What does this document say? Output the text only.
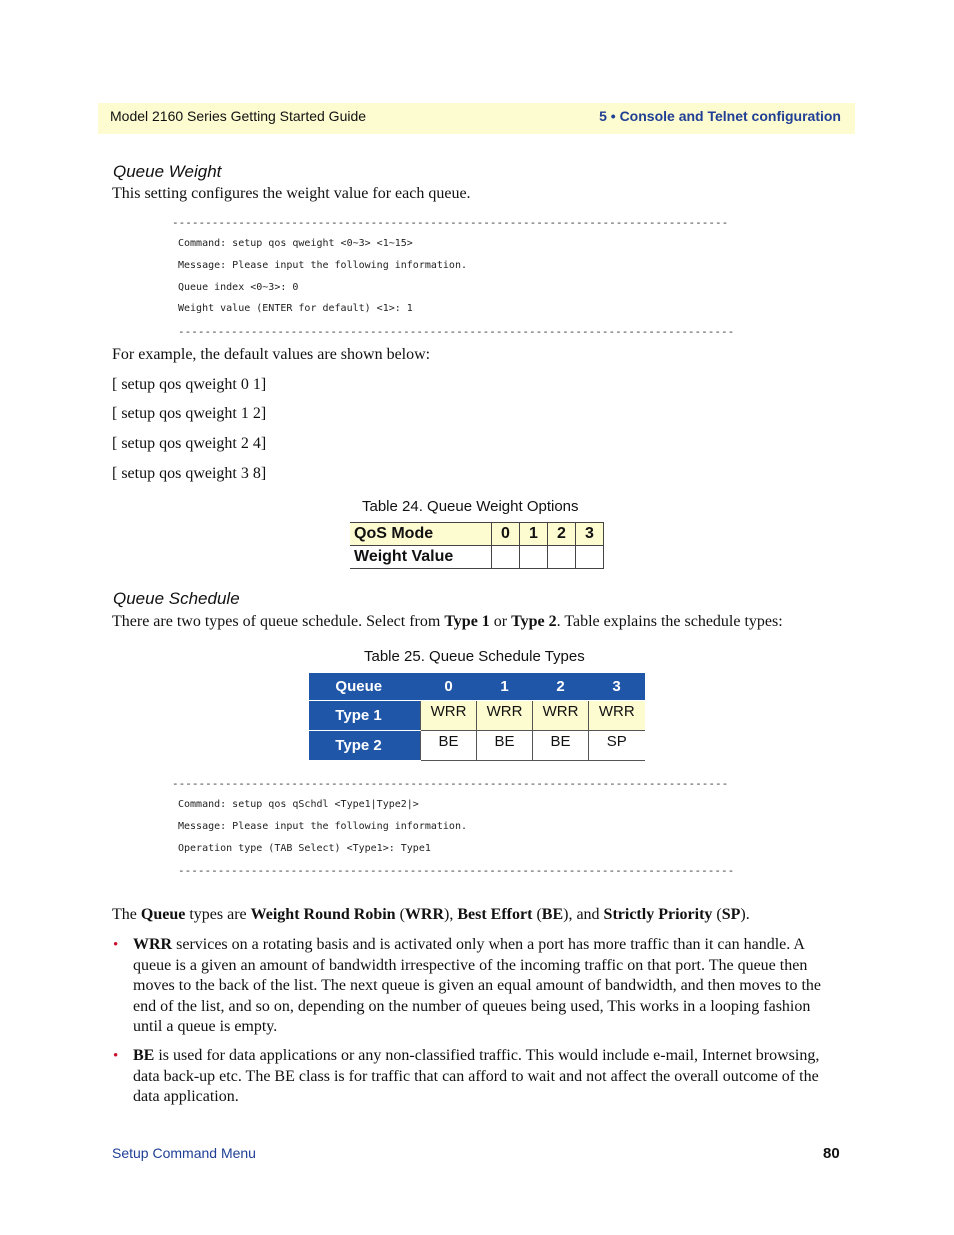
Model 2160 Series Getting Started Guide	5 • Console and Telnet configuration
Queue Weight
This setting configures the weight value for each queue.
------------------------------------------------------------------------------------
Command: setup qos qweight <0~3> <1~15>
Message: Please input the following information.
Queue index <0~3>: 0
Weight value (ENTER for default) <1>: 1
------------------------------------------------------------------------------------
For example, the default values are shown below:
[ setup qos qweight 0 1]
[ setup qos qweight 1 2]
[ setup qos qweight 2 4]
[ setup qos qweight 3 8]
Table 24. Queue Weight Options
QoS Mode	0	1	2	3
Weight Value				
Queue Schedule
There are two types of queue schedule. Select from Type 1 or Type 2. Table explains the schedule types:
Table 25. Queue Schedule Types
Queue	0	1	2	3
Type 1	WRR	WRR	WRR	WRR
Type 2	BE	BE	BE	SP
------------------------------------------------------------------------------------
Command: setup qos qSchdl <Type1|Type2|>
Message: Please input the following information.
Operation type (TAB Select) <Type1>: Type1
------------------------------------------------------------------------------------
The Queue types are Weight Round Robin (WRR), Best Effort (BE), and Strictly Priority (SP).
• WRR services on a rotating basis and is activated only when a port has more traffic than it can handle. A queue is a given an amount of bandwidth irrespective of the incoming traffic on that port. The queue then moves to the back of the list. The next queue is given an equal amount of bandwidth, and then moves to the end of the list, and so on, depending on the number of queues being used, This works in a looping fashion until a queue is empty.
• BE is used for data applications or any non-classified traffic. This would include e-mail, Internet browsing, data back-up etc. The BE class is for traffic that can afford to wait and not affect the overall outcome of the data application.
Setup Command Menu	80
